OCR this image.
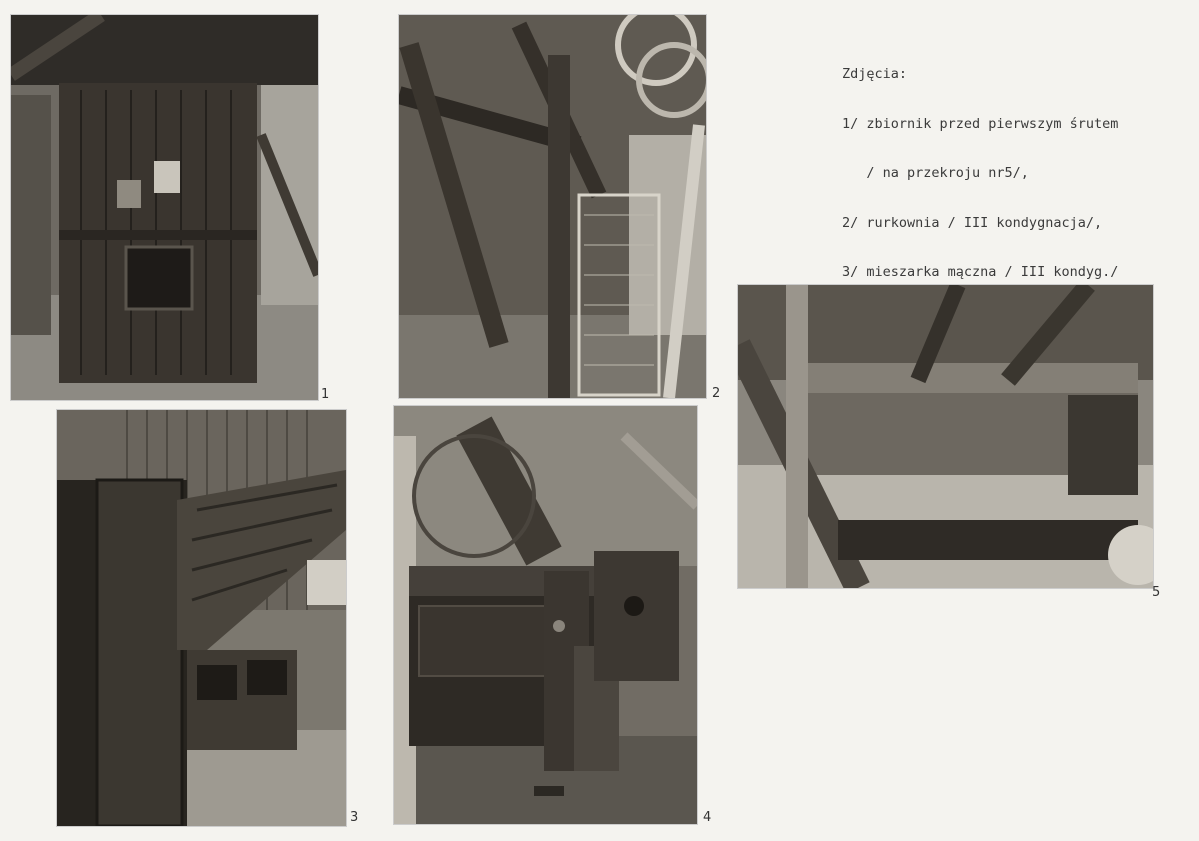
1	2

Zdjęcia:

1/ zbiornik przed pierwszym śrutem

/ na przekroju nr5/,

2/ rurkownia / III kondygnacja/,

3/ mieszarka mączna / III kondyg./

5
3	4
